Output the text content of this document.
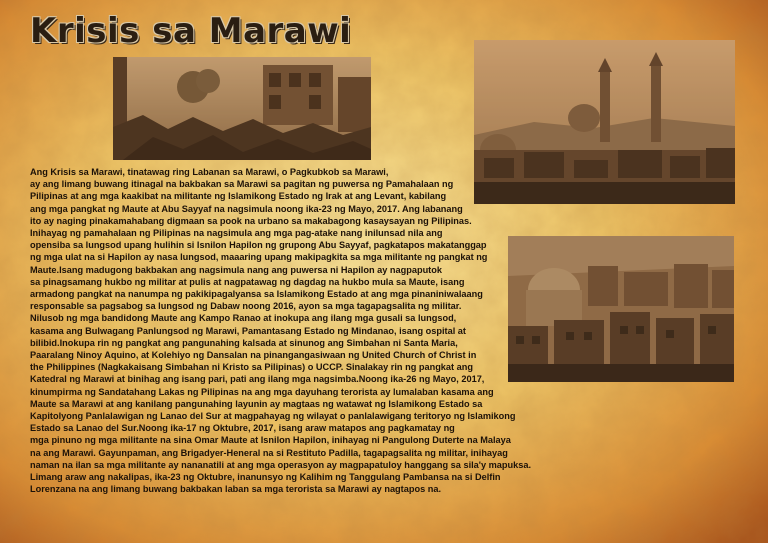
Krisis sa Marawi

Ang Krisis sa Marawi, tinatawag ring Labanan sa Marawi, o Pagkubkob sa Marawi,

ay ang limang buwang itinagal na bakbakan sa Marawi sa pagitan ng puwersa ng Pamahalaan ng

Pilipinas at ang mga kaakibat na militante ng Islamikong Estado ng Irak at ang Levant, kabilang

ang mga pangkat ng Maute at Abu Sayyaf na nagsimula noong ika-23 ng Mayo, 2017. Ang labanang

ito ay naging pinakamahabang digmaan sa pook na urbano sa makabagong kasaysayan ng Pilipinas.

Inihayag ng pamahalaan ng Pilipinas na nagsimula ang mga pag-atake nang inilunsad nila ang

opensiba sa lungsod upang hulihin si Isnilon Hapilon ng grupong Abu Sayyaf, pagkatapos makatanggap

ng mga ulat na si Hapilon ay nasa lungsod, maaaring upang makipagkita sa mga militante ng pangkat ng

Maute.Isang madugong bakbakan ang nagsimula nang ang puwersa ni Hapilon ay nagpaputok

sa pinagsamang hukbo ng militar at pulis at nagpatawag ng dagdag na hukbo mula sa Maute, isang

armadong pangkat na nanumpa ng pakikipagalyansa sa Islamikong Estado at ang mga pinaniniwalaang

responsable sa pagsabog sa lungsod ng Dabaw noong 2016, ayon sa mga tagapagsalita ng militar.

Nilusob ng mga bandidong Maute ang Kampo Ranao at inokupa ang ilang mga gusali sa lungsod,

kasama ang Bulwagang Panlungsod ng Marawi, Pamantasang Estado ng Mindanao, isang ospital at

bilibid.Inokupa rin ng pangkat ang pangunahing kalsada at sinunog ang Simbahan ni Santa Maria,

Paaralang Ninoy Aquino, at Kolehiyo ng Dansalan na pinangangasiwaan ng United Church of Christ in

the Philippines (Nagkakaisang Simbahan ni Kristo sa Pilipinas) o UCCP. Sinalakay rin ng pangkat ang

Katedral ng Marawi at binihag ang isang pari, pati ang ilang mga nagsimba.Noong ika-26 ng Mayo, 2017,

kinumpirma ng Sandatahang Lakas ng Pilipinas na ang mga dayuhang terorista ay lumalaban kasama ang

Maute sa Marawi at ang kanilang pangunahing layunin ay magtaas ng watawat ng Islamikong Estado sa

Kapitolyong Panlalawigan ng Lanao del Sur at magpahayag ng wilayat o panlalawigang teritoryo ng Islamikong

Estado sa Lanao del Sur.Noong ika-17 ng Oktubre, 2017, isang araw matapos ang pagkamatay ng

mga pinuno ng mga militante na sina Omar Maute at Isnilon Hapilon, inihayag ni Pangulong Duterte na Malaya

na ang Marawi. Gayunpaman, ang Brigadyer-Heneral na si Restituto Padilla, tagapagsalita ng militar, inihayag

naman na ilan sa mga militante ay nananatili at ang mga operasyon ay magpapatuloy hanggang sa sila'y mapuksa.

Limang araw ang nakalipas, ika-23 ng Oktubre, inanunsyo ng Kalihim ng Tanggulang Pambansa na si Delfin

Lorenzana na ang limang buwang bakbakan laban sa mga terorista sa Marawi ay nagtapos na.
